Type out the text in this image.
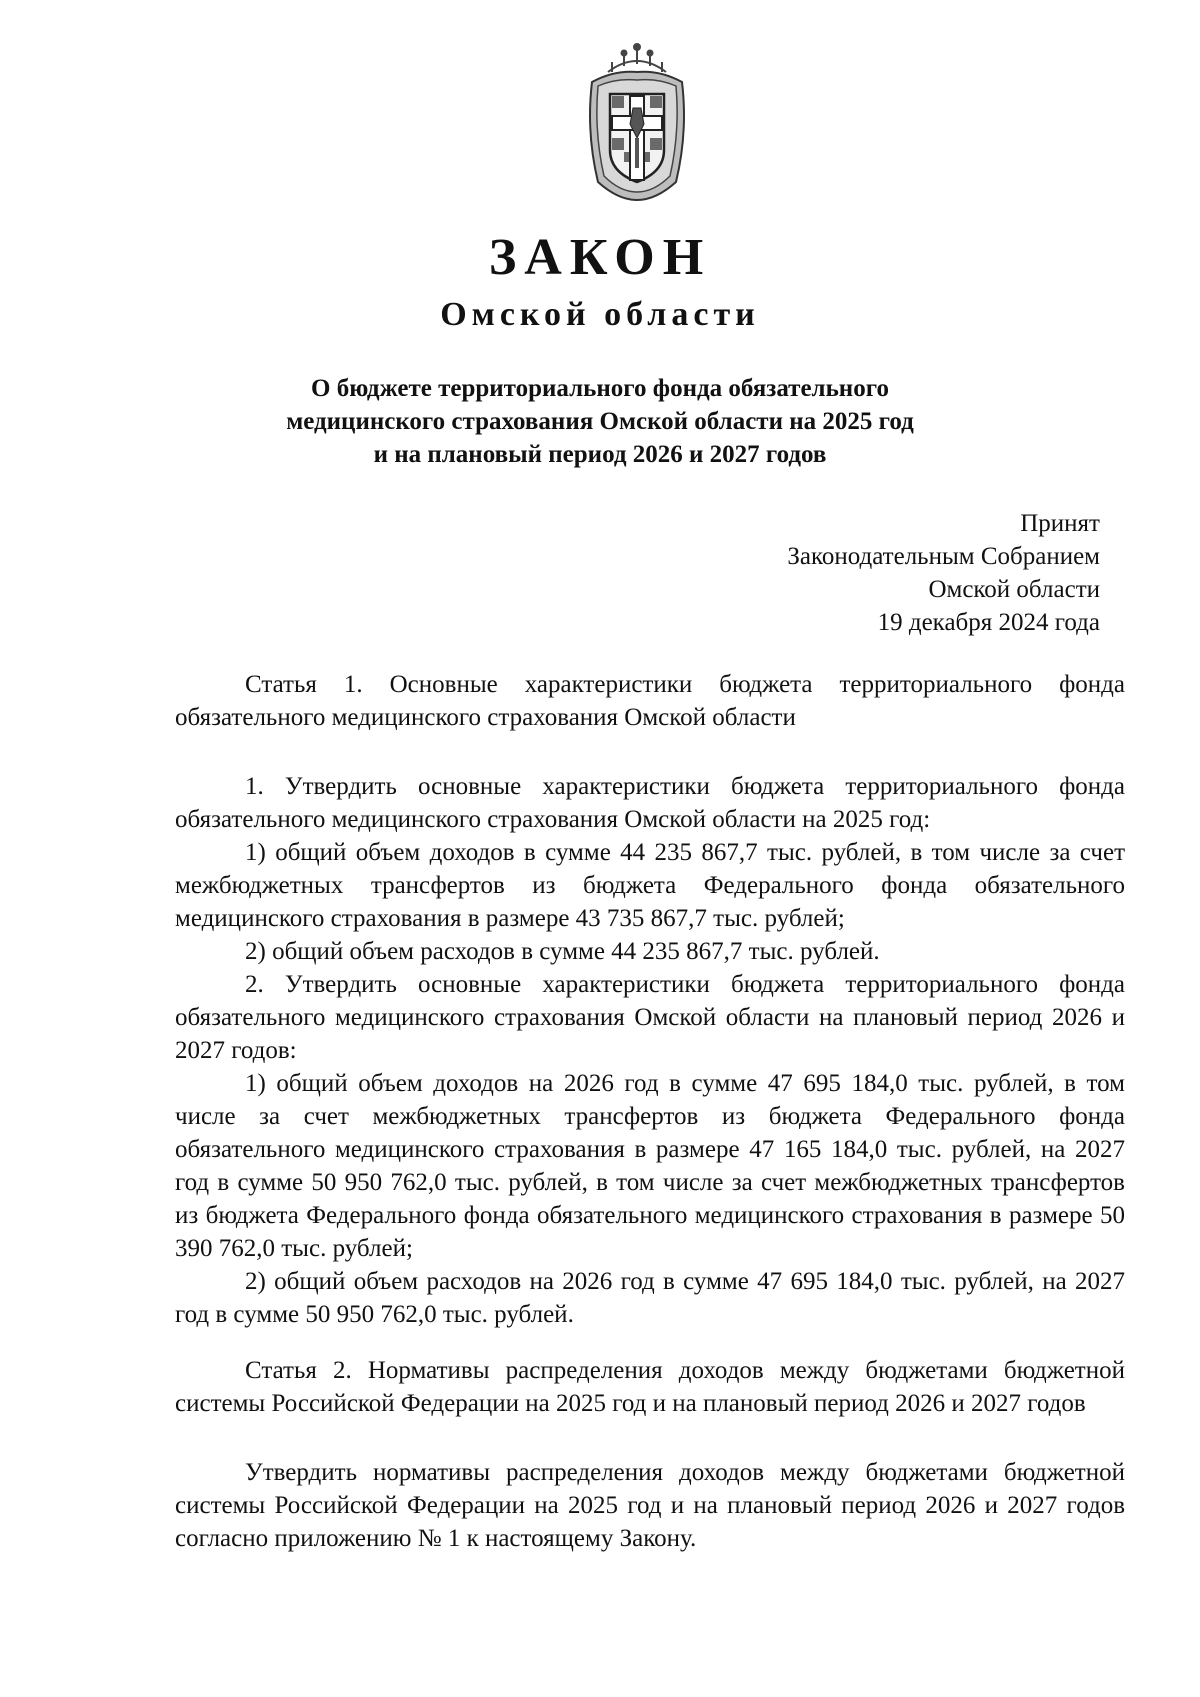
ЗАКОН
Омской области
О бюджете территориального фонда обязательного
медицинского страхования Омской области на 2025 год
и на плановый период 2026 и 2027 годов
Принят
Законодательным Собранием
Омской области
19 декабря 2024 года

Статья 1. Основные характеристики бюджета территориального фонда обязательного медицинского страхования Омской области

1. Утвердить основные характеристики бюджета территориального фонда обязательного медицинского страхования Омской области на 2025 год:

1) общий объем доходов в сумме 44 235 867,7 тыс. рублей, в том числе за счет межбюджетных трансфертов из бюджета Федерального фонда обязательного медицинского страхования в размере 43 735 867,7 тыс. рублей;

2) общий объем расходов в сумме 44 235 867,7 тыс. рублей.

2. Утвердить основные характеристики бюджета территориального фонда обязательного медицинского страхования Омской области на плановый период 2026 и 2027 годов:

1) общий объем доходов на 2026 год в сумме 47 695 184,0 тыс. рублей, в том числе за счет межбюджетных трансфертов из бюджета Федерального фонда обязательного медицинского страхования в размере 47 165 184,0 тыс. рублей, на 2027 год в сумме 50 950 762,0 тыс. рублей, в том числе за счет межбюджетных трансфертов из бюджета Федерального фонда обязательного медицинского страхования в размере 50 390 762,0 тыс. рублей;

2) общий объем расходов на 2026 год в сумме 47 695 184,0 тыс. рублей, на 2027 год в сумме 50 950 762,0 тыс. рублей.

Статья 2. Нормативы распределения доходов между бюджетами бюджетной системы Российской Федерации на 2025 год и на плановый период 2026 и 2027 годов

Утвердить нормативы распределения доходов между бюджетами бюджетной системы Российской Федерации на 2025 год и на плановый период 2026 и 2027 годов согласно приложению № 1 к настоящему Закону.
